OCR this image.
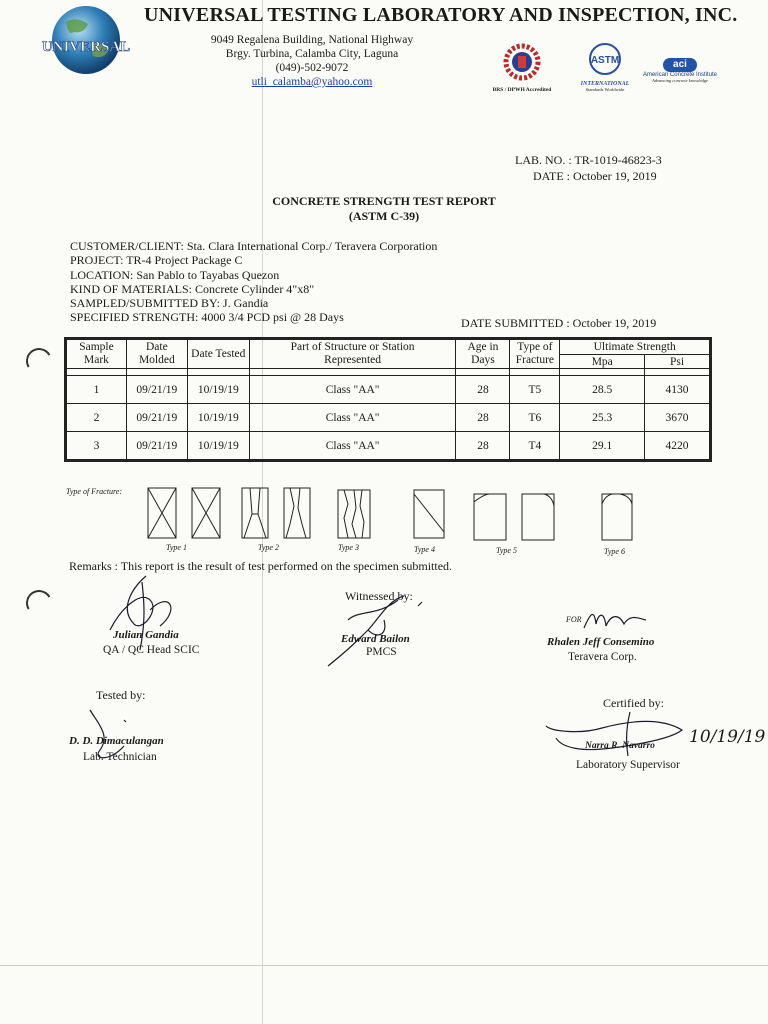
UNIVERSAL
UNIVERSAL TESTING LABORATORY AND INSPECTION, INC.
9049 Regalena Building, National Highway
Brgy. Turbina, Calamba City, Laguna
(049)-502-9072
utli_calamba@yahoo.com
BRS / DPWH Accredited
ASTM
INTERNATIONAL
Standards Worldwide
aci
American Concrete Institute
Advancing concrete knowledge
LAB. NO. : TR-1019-46823-3
DATE : October 19, 2019
CONCRETE STRENGTH TEST REPORT
(ASTM C-39)
CUSTOMER/CLIENT: Sta. Clara International Corp./ Teravera Corporation
PROJECT: TR-4 Project Package C
LOCATION: San Pablo to Tayabas Quezon
KIND OF MATERIALS: Concrete Cylinder 4"x8"
SAMPLED/SUBMITTED BY: J. Gandia
SPECIFIED STRENGTH: 4000 3/4 PCD psi @ 28 Days	DATE SUBMITTED : October 19, 2019
Sample Mark	Date Molded	Date Tested	Part of Structure or Station Represented	Age in Days	Type of Fracture	Ultimate Strength	
						Mpa	Psi

1	09/21/19	10/19/19	Class "AA"	28	T5	28.5	4130
2	09/21/19	10/19/19	Class "AA"	28	T6	25.3	3670
3	09/21/19	10/19/19	Class "AA"	28	T4	29.1	4220
Type of Fracture:
Type 1	Type 2	Type 3	Type 4	Type 5	Type 6
Remarks : This report is the result of test performed on the specimen submitted.
Witnessed by:
Julian Gandia
QA / QC Head SCIC
Edward Bailon
PMCS
FOR
Rhalen Jeff Consemino
Teravera Corp.
Tested by:
D. D. Dimaculangan
Lab. Technician
Certified by:
Narra R. Navarro 10/19/19
Laboratory Supervisor
